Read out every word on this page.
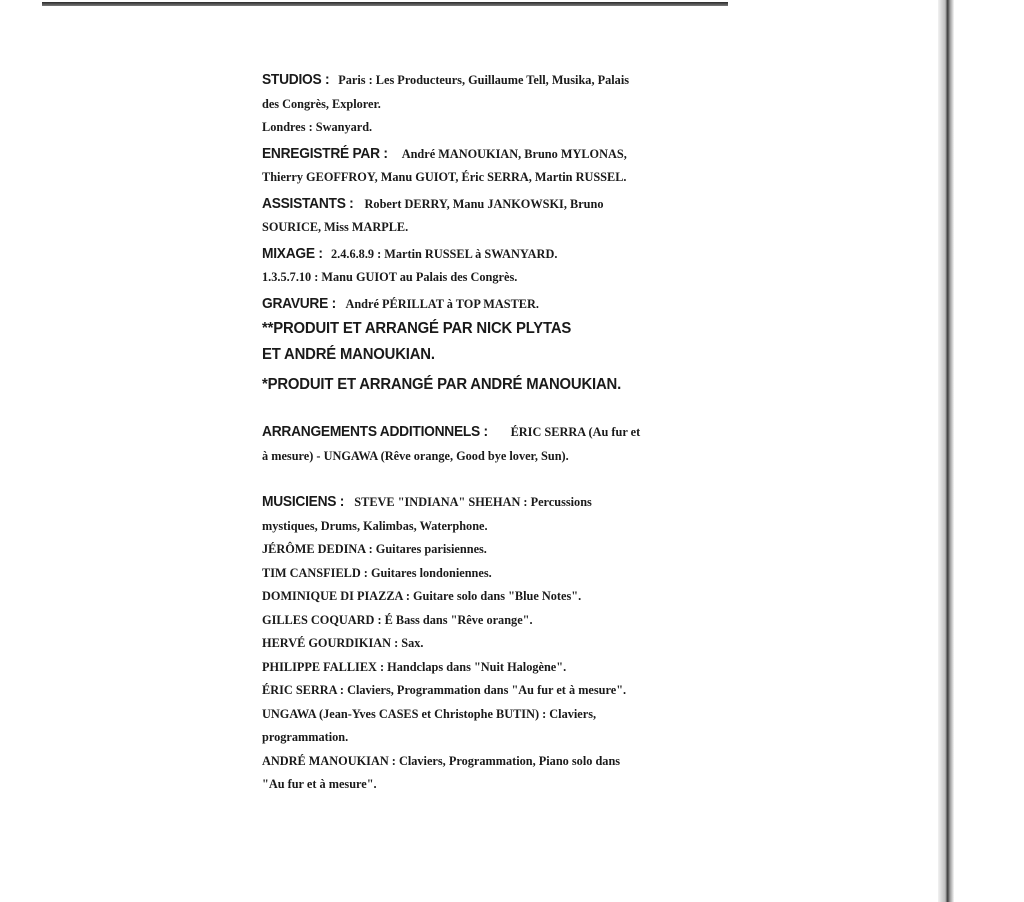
STUDIOS : Paris : Les Producteurs, Guillaume Tell, Musika, Palais
des Congrès, Explorer.
Londres : Swanyard.
ENREGISTRÉ PAR : André MANOUKIAN, Bruno MYLONAS,
Thierry GEOFFROY, Manu GUIOT, Éric SERRA, Martin RUSSEL.
ASSISTANTS : Robert DERRY, Manu JANKOWSKI, Bruno
SOURICE, Miss MARPLE.
MIXAGE : 2.4.6.8.9 : Martin RUSSEL à SWANYARD.
1.3.5.7.10 : Manu GUIOT au Palais des Congrès.
GRAVURE : André PÉRILLAT à TOP MASTER.
**PRODUIT ET ARRANGÉ PAR NICK PLYTAS
ET ANDRÉ MANOUKIAN.
*PRODUIT ET ARRANGÉ PAR ANDRÉ MANOUKIAN.
ARRANGEMENTS ADDITIONNELS : ÉRIC SERRA (Au fur et
à mesure) - UNGAWA (Rêve orange, Good bye lover, Sun).
MUSICIENS : STEVE "INDIANA" SHEHAN : Percussions
mystiques, Drums, Kalimbas, Waterphone.
JÉRÔME DEDINA : Guitares parisiennes.
TIM CANSFIELD : Guitares londoniennes.
DOMINIQUE DI PIAZZA : Guitare solo dans "Blue Notes".
GILLES COQUARD : É Bass dans "Rêve orange".
HERVÉ GOURDIKIAN : Sax.
PHILIPPE FALLIEX : Handclaps dans "Nuit Halogène".
ÉRIC SERRA : Claviers, Programmation dans "Au fur et à mesure".
UNGAWA (Jean-Yves CASES et Christophe BUTIN) : Claviers,
programmation.
ANDRÉ MANOUKIAN : Claviers, Programmation, Piano solo dans
"Au fur et à mesure".
